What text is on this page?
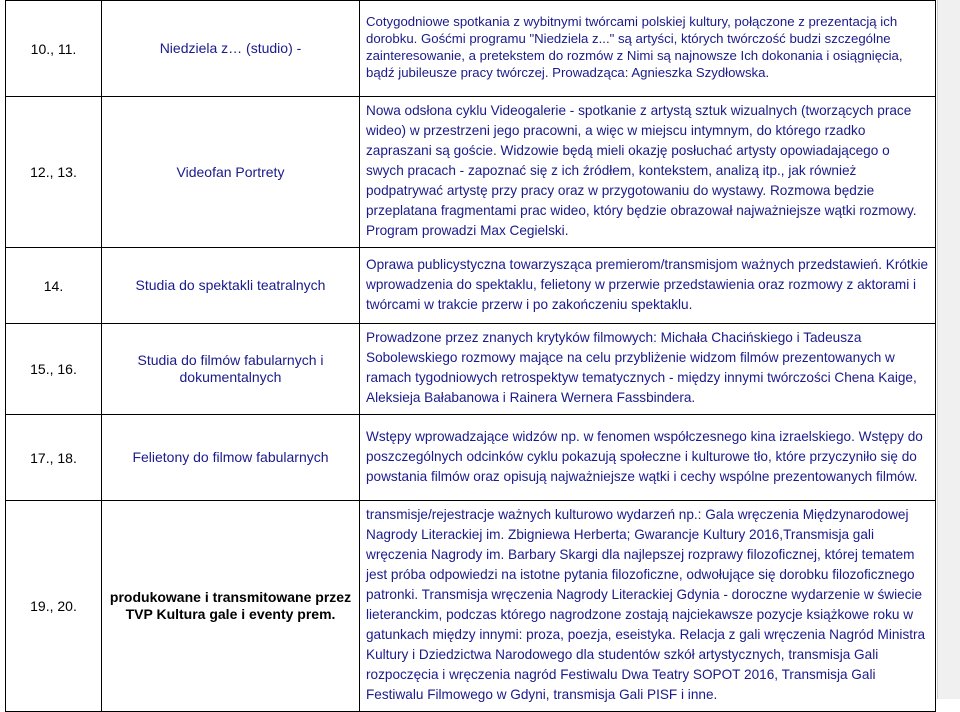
10., 11.	Niedziela z… (studio) -	Cotygodniowe spotkania z wybitnymi twórcami polskiej kultury, połączone z prezentacją ich dorobku. Gośćmi programu "Niedziela z..." są artyści, których twórczość budzi szczególne zainteresowanie, a pretekstem do rozmów z Nimi są najnowsze Ich dokonania i osiągnięcia, bądź jubileusze pracy twórczej. Prowadząca: Agnieszka Szydłowska.
12., 13.	Videofan Portrety	Nowa odsłona cyklu Videogalerie - spotkanie z artystą sztuk wizualnych (tworzących prace wideo) w przestrzeni jego pracowni, a więc w miejscu intymnym, do którego rzadko zapraszani są goście. Widzowie będą mieli okazję posłuchać artysty opowiadającego o swych pracach - zapoznać się z ich źródłem, kontekstem, analizą itp., jak również podpatrywać artystę przy pracy oraz w przygotowaniu do wystawy. Rozmowa będzie przeplatana fragmentami prac wideo, który będzie obrazował najważniejsze wątki rozmowy. Program prowadzi Max Cegielski.
14.	Studia do spektakli teatralnych	Oprawa publicystyczna towarzysząca premierom/transmisjom ważnych przedstawień. Krótkie wprowadzenia do spektaklu, felietony w przerwie przedstawienia oraz rozmowy z aktorami i twórcami w trakcie przerw i po zakończeniu spektaklu.
15., 16.	Studia do filmów fabularnych i dokumentalnych	Prowadzone przez znanych krytyków filmowych: Michała Chacińskiego i Tadeusza Sobolewskiego rozmowy mające na celu przybliżenie widzom filmów prezentowanych w ramach tygodniowych retrospektyw tematycznych - między innymi twórczości Chena Kaige, Aleksieja Bałabanowa i Rainera Wernera Fassbindera.
17., 18.	Felietony do filmow fabularnych	Wstępy wprowadzające widzów np. w fenomen współczesnego kina izraelskiego. Wstępy do poszczególnych odcinków cyklu pokazują społeczne i kulturowe tło, które przyczyniło się do powstania filmów oraz opisują najważniejsze wątki i cechy wspólne prezentowanych filmów.
19., 20.	produkowane i transmitowane przez TVP Kultura gale i eventy prem.	transmisje/rejestracje ważnych kulturowo wydarzeń np.: Gala wręczenia Międzynarodowej Nagrody Literackiej im. Zbigniewa Herberta; Gwarancje Kultury 2016,Transmisja gali wręczenia Nagrody im. Barbary Skargi dla najlepszej rozprawy filozoficznej, której tematem jest próba odpowiedzi na istotne pytania filozoficzne, odwołujące się dorobku filozoficznego patronki. Transmisja wręczenia Nagrody Literackiej Gdynia - doroczne wydarzenie w świecie lieteranckim, podczas którego nagrodzone zostają najciekawsze pozycje książkowe roku w gatunkach między innymi: proza, poezja, eseistyka. Relacja z gali wręczenia Nagród Ministra Kultury i Dziedzictwa Narodowego dla studentów szkół artystycznych, transmisja Gali rozpoczęcia i wręczenia nagród Festiwalu Dwa Teatry SOPOT 2016, Transmisja Gali Festiwalu Filmowego w Gdyni, transmisja Gali PISF i inne.
